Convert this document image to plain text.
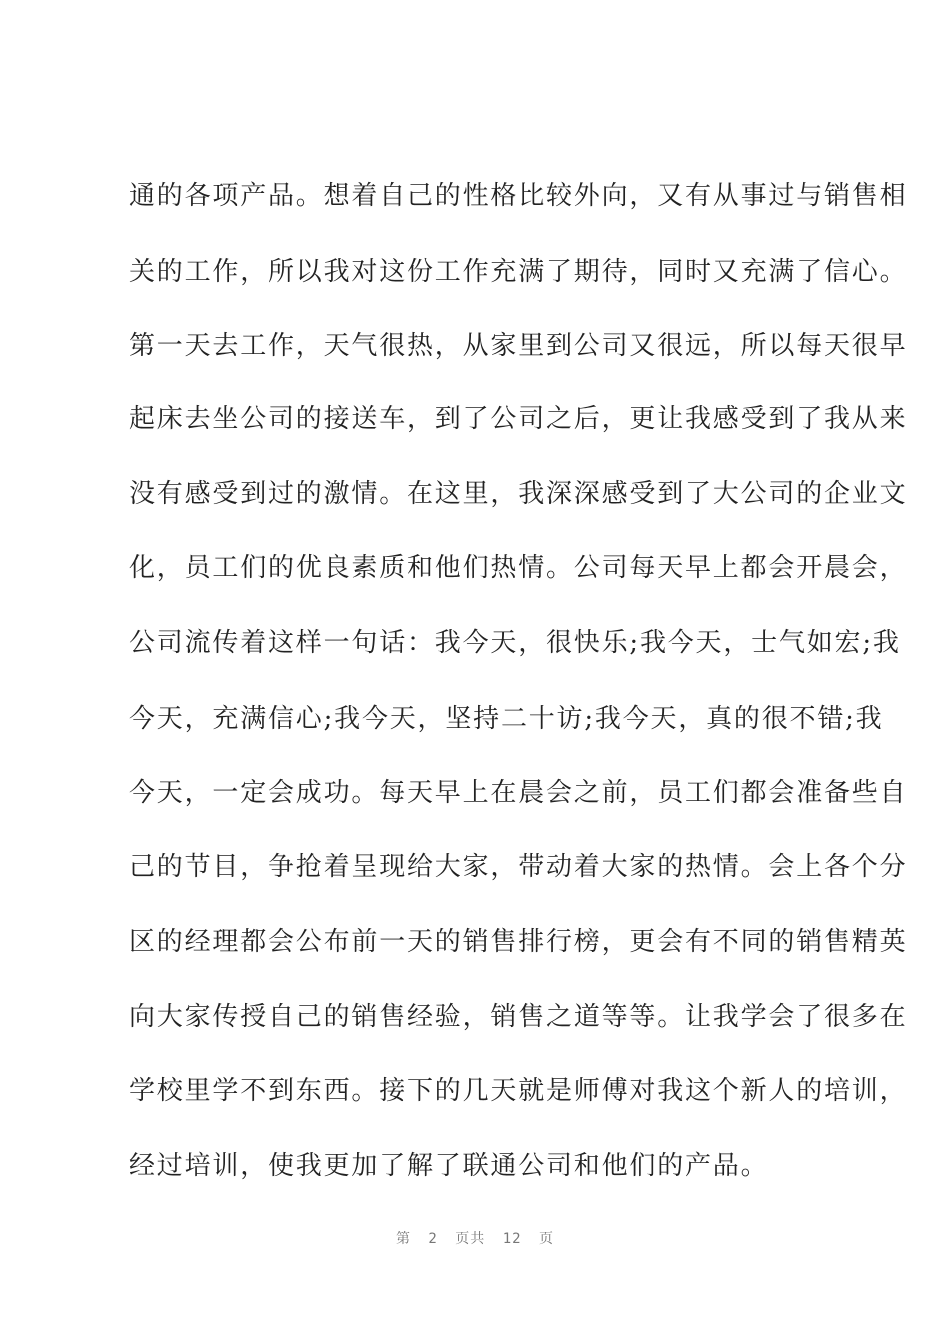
通的各项产品。想着自己的性格比较外向，又有从事过与销售相
关的工作，所以我对这份工作充满了期待，同时又充满了信心。
第一天去工作，天气很热，从家里到公司又很远，所以每天很早
起床去坐公司的接送车，到了公司之后，更让我感受到了我从来
没有感受到过的激情。在这里，我深深感受到了大公司的企业文
化，员工们的优良素质和他们热情。公司每天早上都会开晨会，
公司流传着这样一句话：我今天，很快乐;我今天，士气如宏;我
今天，充满信心;我今天，坚持二十访;我今天，真的很不错;我
今天，一定会成功。每天早上在晨会之前，员工们都会准备些自
己的节目，争抢着呈现给大家，带动着大家的热情。会上各个分
区的经理都会公布前一天的销售排行榜，更会有不同的销售精英
向大家传授自己的销售经验，销售之道等等。让我学会了很多在
学校里学不到东西。接下的几天就是师傅对我这个新人的培训，
经过培训，使我更加了解了联通公司和他们的产品。
第 2 页共 12 页
